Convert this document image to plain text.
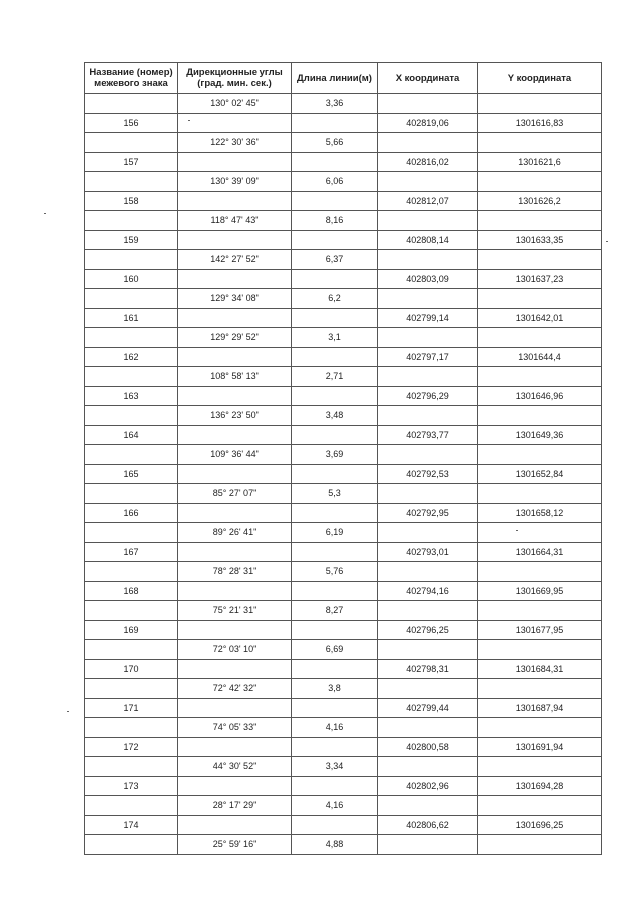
Название (номер) межевого знака	Дирекционные углы (град. мин. сек.)	Длина линии(м)	X координата	Y координата
	130° 02' 45"	3,36		
156			402819,06	1301616,83
	122° 30' 36"	5,66		
157			402816,02	1301621,6
	130° 39' 09"	6,06		
158			402812,07	1301626,2
	118° 47' 43"	8,16		
159			402808,14	1301633,35
	142° 27' 52"	6,37		
160			402803,09	1301637,23
	129° 34' 08"	6,2		
161			402799,14	1301642,01
	129° 29' 52"	3,1		
162			402797,17	1301644,4
	108° 58' 13"	2,71		
163			402796,29	1301646,96
	136° 23' 50"	3,48		
164			402793,77	1301649,36
	109° 36' 44"	3,69		
165			402792,53	1301652,84
	85° 27' 07"	5,3		
166			402792,95	1301658,12
	89° 26' 41"	6,19		
167			402793,01	1301664,31
	78° 28' 31"	5,76		
168			402794,16	1301669,95
	75° 21' 31"	8,27		
169			402796,25	1301677,95
	72° 03' 10"	6,69		
170			402798,31	1301684,31
	72° 42' 32"	3,8		
171			402799,44	1301687,94
	74° 05' 33"	4,16		
172			402800,58	1301691,94
	44° 30' 52"	3,34		
173			402802,96	1301694,28
	28° 17' 29"	4,16		
174			402806,62	1301696,25
	25° 59' 16"	4,88		
